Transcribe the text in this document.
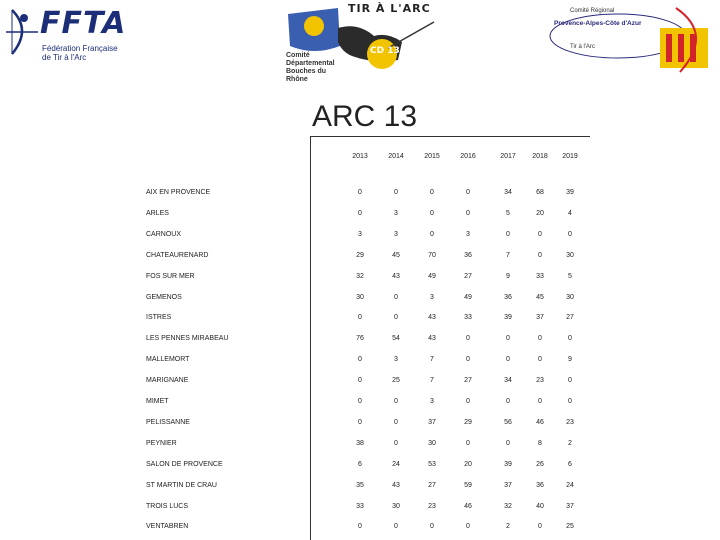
FFTA
Fédération Française de Tir à l'Arc
TIR À L'ARC
CD 13
Comité Départemental Bouches du Rhône
Comité Régional
Provence-Alpes-Côte d'Azur
Tir à l'Arc
ARC 13
2013	2014	2015	2016	2017	2018	2019
AIX EN PROVENCE	0	0	0	0	34	68	39
ARLES	0	3	0	0	5	20	4
CARNOUX	3	3	0	3	0	0	0
CHATEAURENARD	29	45	70	36	7	0	30
FOS SUR MER	32	43	49	27	9	33	5
GEMENOS	30	0	3	49	36	45	30
ISTRES	0	0	43	33	39	37	27
LES PENNES MIRABEAU	76	54	43	0	0	0	0
MALLEMORT	0	3	7	0	0	0	9
MARIGNANE	0	25	7	27	34	23	0
MIMET	0	0	3	0	0	0	0
PELISSANNE	0	0	37	29	56	46	23
PEYNIER	38	0	30	0	0	8	2
SALON DE PROVENCE	6	24	53	20	39	26	6
ST MARTIN DE CRAU	35	43	27	59	37	36	24
TROIS LUCS	33	30	23	46	32	40	37
VENTABREN	0	0	0	0	2	0	25
